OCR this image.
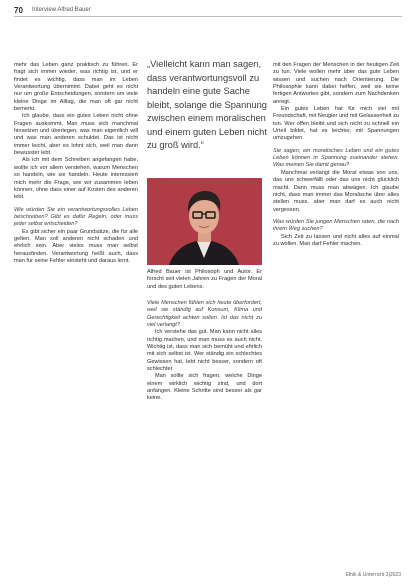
70 Interview Alfred Bauer

mehr das Leben ganz praktisch zu führen. Er fragt sich immer wieder, was richtig ist, und er findet es wichtig, dass man im Leben Verantwortung übernimmt. Dabei geht es nicht nur um große Entscheidungen, sondern um viele kleine Dinge im Alltag, die man oft gar nicht bemerkt.

Ich glaube, dass ein gutes Leben nicht ohne Fragen auskommt. Man muss sich manchmal hinsetzen und überlegen, was man eigentlich will und was man anderen schuldet. Das ist nicht immer leicht, aber es lohnt sich, weil man dann bewusster lebt.

Als ich mit dem Schreiben angefangen habe, wollte ich vor allem verstehen, warum Menschen so handeln, wie sie handeln. Heute interessiert mich mehr die Frage, wie wir zusammen leben können, ohne dass einer auf Kosten des anderen lebt.

Wie würden Sie ein verantwortungsvolles Leben beschreiben? Gibt es dafür Regeln, oder muss jeder selbst entscheiden?

Es gibt sicher ein paar Grundsätze, die für alle gelten. Man soll anderen nicht schaden und ehrlich sein. Aber vieles muss man selbst herausfinden. Verantwortung heißt auch, dass man für seine Fehler einsteht und daraus lernt.

„Vielleicht kann man sagen, dass verantwortungsvoll zu handeln eine gute Sache bleibt, solange die Spannung zwischen einem moralischen und einem guten Leben nicht zu groß wird.“
Foto: Privat
Alfred Bauer ist Philosoph und Autor. Er forscht seit vielen Jahren zu Fragen der Moral und des guten Lebens.

Viele Menschen fühlen sich heute überfordert, weil sie ständig auf Konsum, Klima und Gerechtigkeit achten sollen. Ist das nicht zu viel verlangt?

Ich verstehe das gut. Man kann nicht alles richtig machen, und man muss es auch nicht. Wichtig ist, dass man sich bemüht und ehrlich mit sich selbst ist. Wer ständig ein schlechtes Gewissen hat, lebt nicht besser, sondern oft schlechter.

Man sollte sich fragen, welche Dinge einem wirklich wichtig sind, und dort anfangen. Kleine Schritte sind besser als gar keine.

mit den Fragen der Menschen in der heutigen Zeit zu tun. Viele wollen mehr über das gute Leben wissen und suchen nach Orientierung. Die Philosophie kann dabei helfen, weil sie keine fertigen Antworten gibt, sondern zum Nachdenken anregt.

Ein gutes Leben hat für mich viel mit Freundschaft, mit Neugier und mit Gelassenheit zu tun. Wer offen bleibt und sich nicht zu schnell ein Urteil bildet, hat es leichter, mit Spannungen umzugehen.

Sie sagen, ein moralisches Leben und ein gutes Leben können in Spannung zueinander stehen. Was meinen Sie damit genau?

Manchmal verlangt die Moral etwas von uns, das uns schwerfällt oder das uns nicht glücklich macht. Dann muss man abwägen. Ich glaube nicht, dass man immer das Moralische über alles stellen muss, aber man darf es auch nicht vergessen.

Was würden Sie jungen Menschen raten, die nach ihrem Weg suchen?

Sich Zeit zu lassen und nicht alles auf einmal zu wollen. Man darf Fehler machen.

Ethik & Unterricht 3|2023
